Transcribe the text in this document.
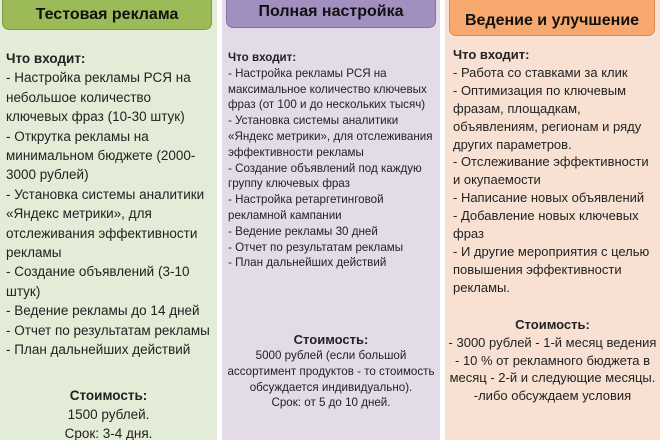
Тестовая реклама
Что входит:

- Настройка рекламы РСЯ на небольшое количество ключевых фраз (10-30 штук)

- Открутка рекламы на минимальном бюджете (2000-3000 рублей)

- Установка системы аналитики «Яндекс метрики», для отслеживания эффективности рекламы

- Создание объявлений (3-10 штук)

- Ведение рекламы до 14 дней

- Отчет по результатам рекламы

- План дальнейших действий

Стоимость:
1500 рублей.
Срок: 3-4 дня.
Полная настройка
Что входит:

- Настройка рекламы РСЯ на максимальное количество ключевых фраз (от 100 и до нескольких тысяч)

- Установка системы аналитики «Яндекс метрики», для отслеживания эффективности рекламы

- Создание объявлений под каждую группу ключевых фраз

- Настройка ретаргетинговой рекламной кампании

- Ведение рекламы 30 дней

- Отчет по результатам рекламы

- План дальнейших действий

Стоимость:
5000 рублей (если большой ассортимент продуктов - то стоимость обсуждается индивидуально).
Срок: от 5 до 10 дней.
Ведение и улучшение
Что входит:

- Работа со ставками за клик

- Оптимизация по ключевым фразам, площадкам, объявлениям, регионам и ряду других параметров.

- Отслеживание эффективности и окупаемости

- Написание новых объявлений

- Добавление новых ключевых фраз

- И другие мероприятия с целью повышения эффективности рекламы.

Стоимость:
- 3000 рублей - 1-й месяц ведения
- 10 % от рекламного бюджета в месяц - 2-й и следующие месяцы.
-либо обсуждаем условия
